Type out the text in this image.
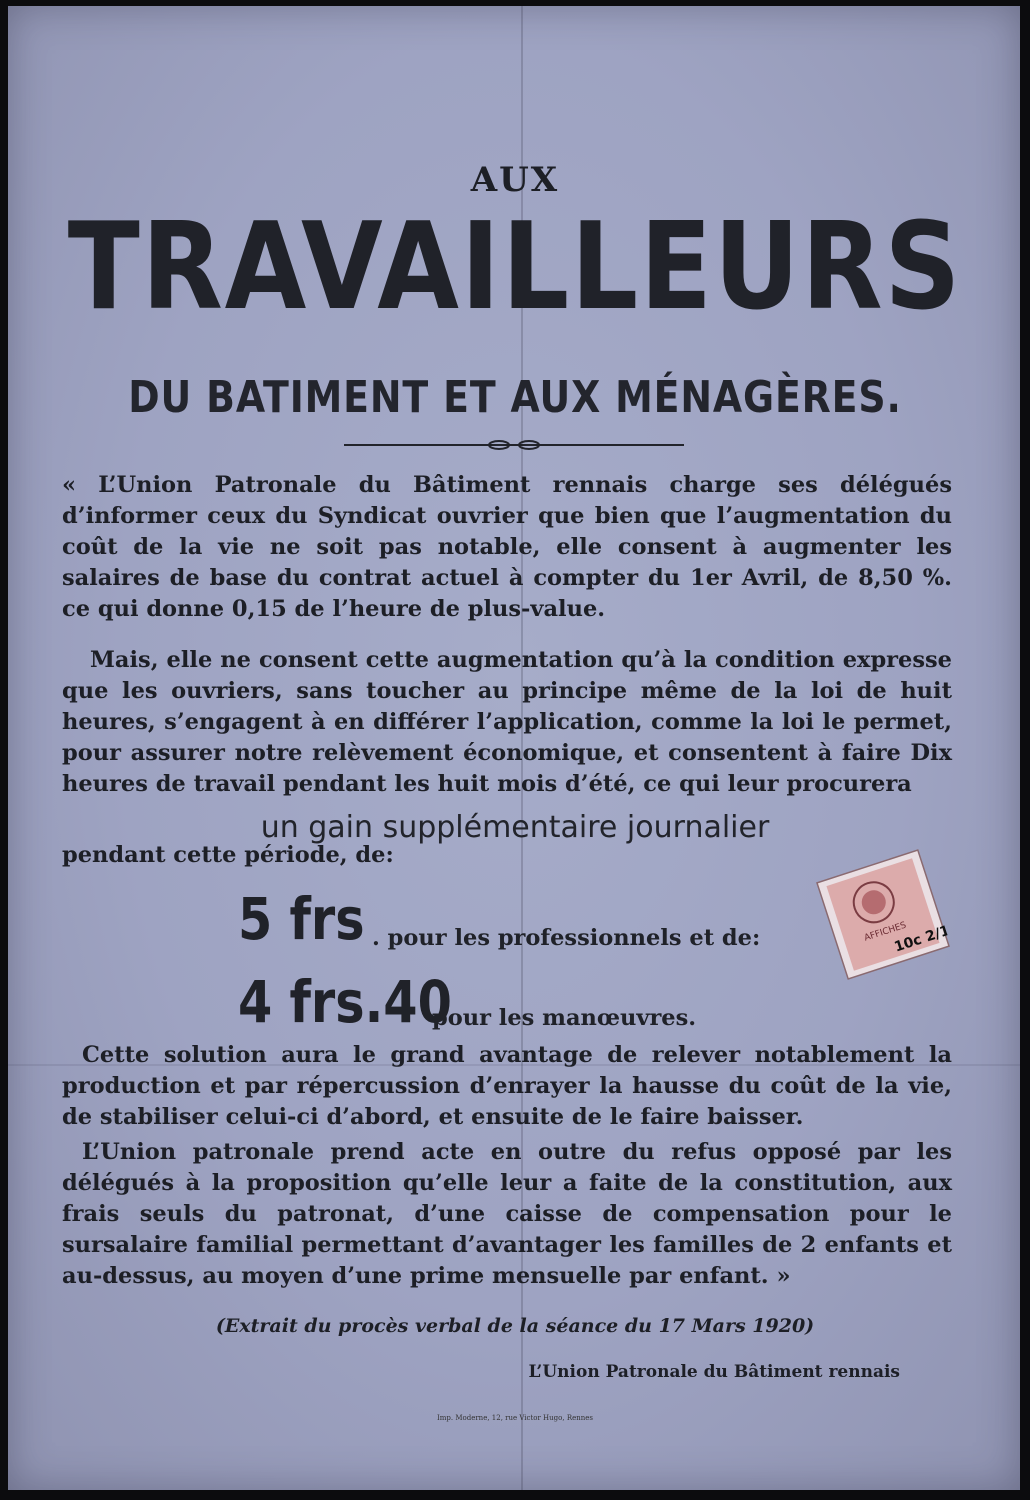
AUX
TRAVAILLEURS
DU BATIMENT ET AUX MÉNAGÈRES.
« L’Union Patronale du Bâtiment rennais charge ses délégués d’informer ceux du Syndicat ouvrier que bien que l’augmentation du coût de la vie ne soit pas notable, elle consent à augmenter les salaires de base du contrat actuel à compter du 1er Avril, de 8,50 %. ce qui donne 0,15 de l’heure de plus-value.
Mais, elle ne consent cette augmentation qu’à la condition expresse que les ouvriers, sans toucher au principe même de la loi de huit heures, s’engagent à en différer l’application, comme la loi le permet, pour assurer notre relèvement économique, et consentent à faire Dix heures de travail pendant les huit mois d’été, ce qui leur procurera
un gain supplémentaire journalier
pendant cette période, de:
5 frs . pour les professionnels et de:
4 frs.40
pour les manœuvres.
Cette solution aura le grand avantage de relever notablement la production et par répercussion d’enrayer la hausse du coût de la vie, de stabiliser celui-ci d’abord, et ensuite de le faire baisser.
L’Union patronale prend acte en outre du refus opposé par les délégués à la proposition qu’elle leur a faite de la constitution, aux frais seuls du patronat, d’une caisse de compensation pour le sursalaire familial permettant d’avantager les familles de 2 enfants et au-dessus, au moyen d’une prime mensuelle par enfant. »
(Extrait du procès verbal de la séance du 17 Mars 1920)
L’Union Patronale du Bâtiment rennais
Imp. Moderne, 12, rue Victor Hugo, Rennes
AFFICHES
10c 2/10
